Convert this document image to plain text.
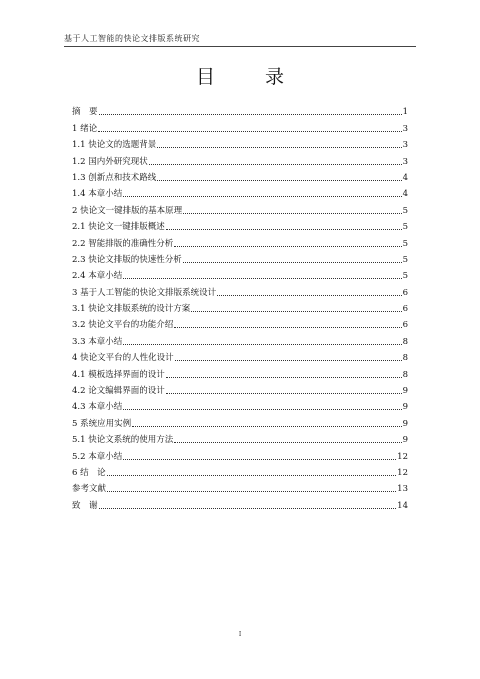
基于人工智能的快论文排版系统研究
目 录
摘　要	1
1 绪论	3
1.1 快论文的选题背景	3
1.2 国内外研究现状	3
1.3 创新点和技术路线	4
1.4 本章小结	4
2 快论文一键排版的基本原理	5
2.1 快论文一键排版概述	5
2.2 智能排版的准确性分析	5
2.3 快论文排版的快速性分析	5
2.4 本章小结	5
3 基于人工智能的快论文排版系统设计	6
3.1 快论文排版系统的设计方案	6
3.2 快论文平台的功能介绍	6
3.3 本章小结	8
4 快论文平台的人性化设计	8
4.1 模板选择界面的设计	8
4.2 论文编辑界面的设计	9
4.3 本章小结	9
5 系统应用实例	9
5.1 快论文系统的使用方法	9
5.2 本章小结	12
6 结　论	12
参考文献	13
致　谢	14
I
